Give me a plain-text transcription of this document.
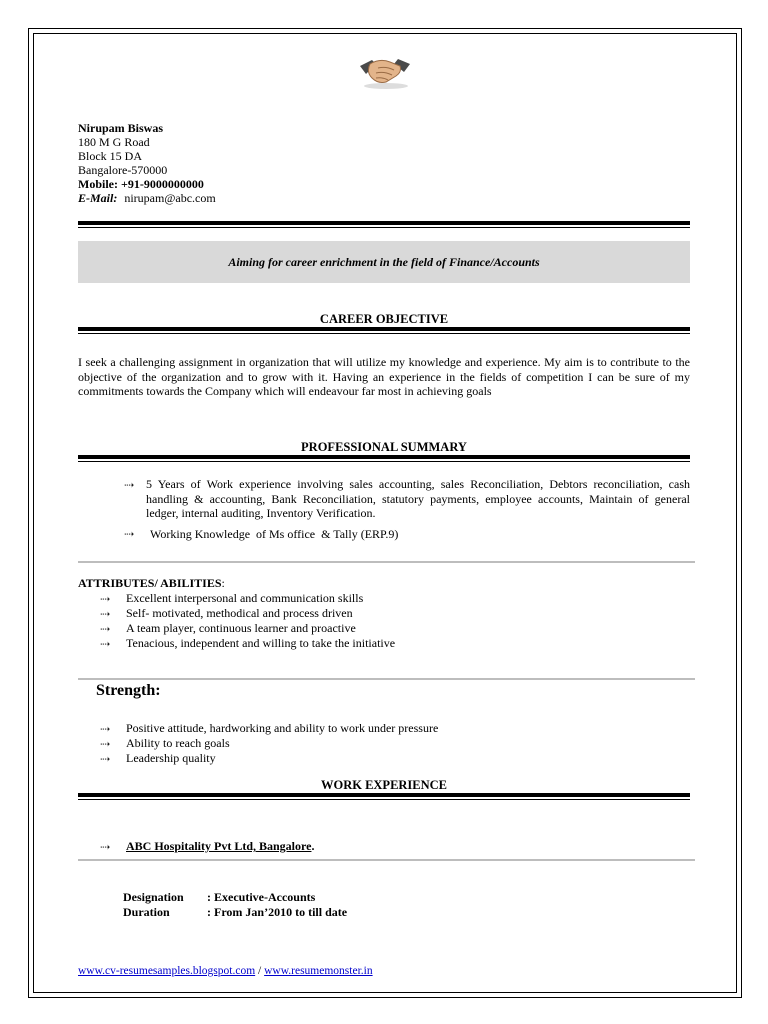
Nirupam Biswas
180 M G Road
Block 15 DA
Bangalore-570000
Mobile: +91-9000000000
E-Mail: nirupam@abc.com
Aiming for career enrichment in the field of Finance/Accounts
CAREER OBJECTIVE
I seek a challenging assignment in organization that will utilize my knowledge and experience. My aim is to contribute to the objective of the organization and to grow with it. Having an experience in the fields of competition I can be sure of my commitments towards the Company which will endeavour far most in achieving goals
PROFESSIONAL SUMMARY
⇢ 5 Years of Work experience involving sales accounting, sales Reconciliation, Debtors reconciliation, cash handling & accounting, Bank Reconciliation, statutory payments, employee accounts, Maintain of general ledger, internal auditing, Inventory Verification.
⇢ Working Knowledge  of Ms office  & Tally (ERP.9)
ATTRIBUTES/ ABILITIES:
⇢ Excellent interpersonal and communication skills
⇢ Self- motivated, methodical and process driven
⇢ A team player, continuous learner and proactive
⇢ Tenacious, independent and willing to take the initiative
Strength:
⇢ Positive attitude, hardworking and ability to work under pressure
⇢ Ability to reach goals
⇢ Leadership quality
WORK EXPERIENCE
⇢ ABC Hospitality Pvt Ltd, Bangalore.
Designation : Executive-Accounts
Duration	: From Jan’2010 to till date
www.cv-resumesamples.blogspot.com / www.resumemonster.in
